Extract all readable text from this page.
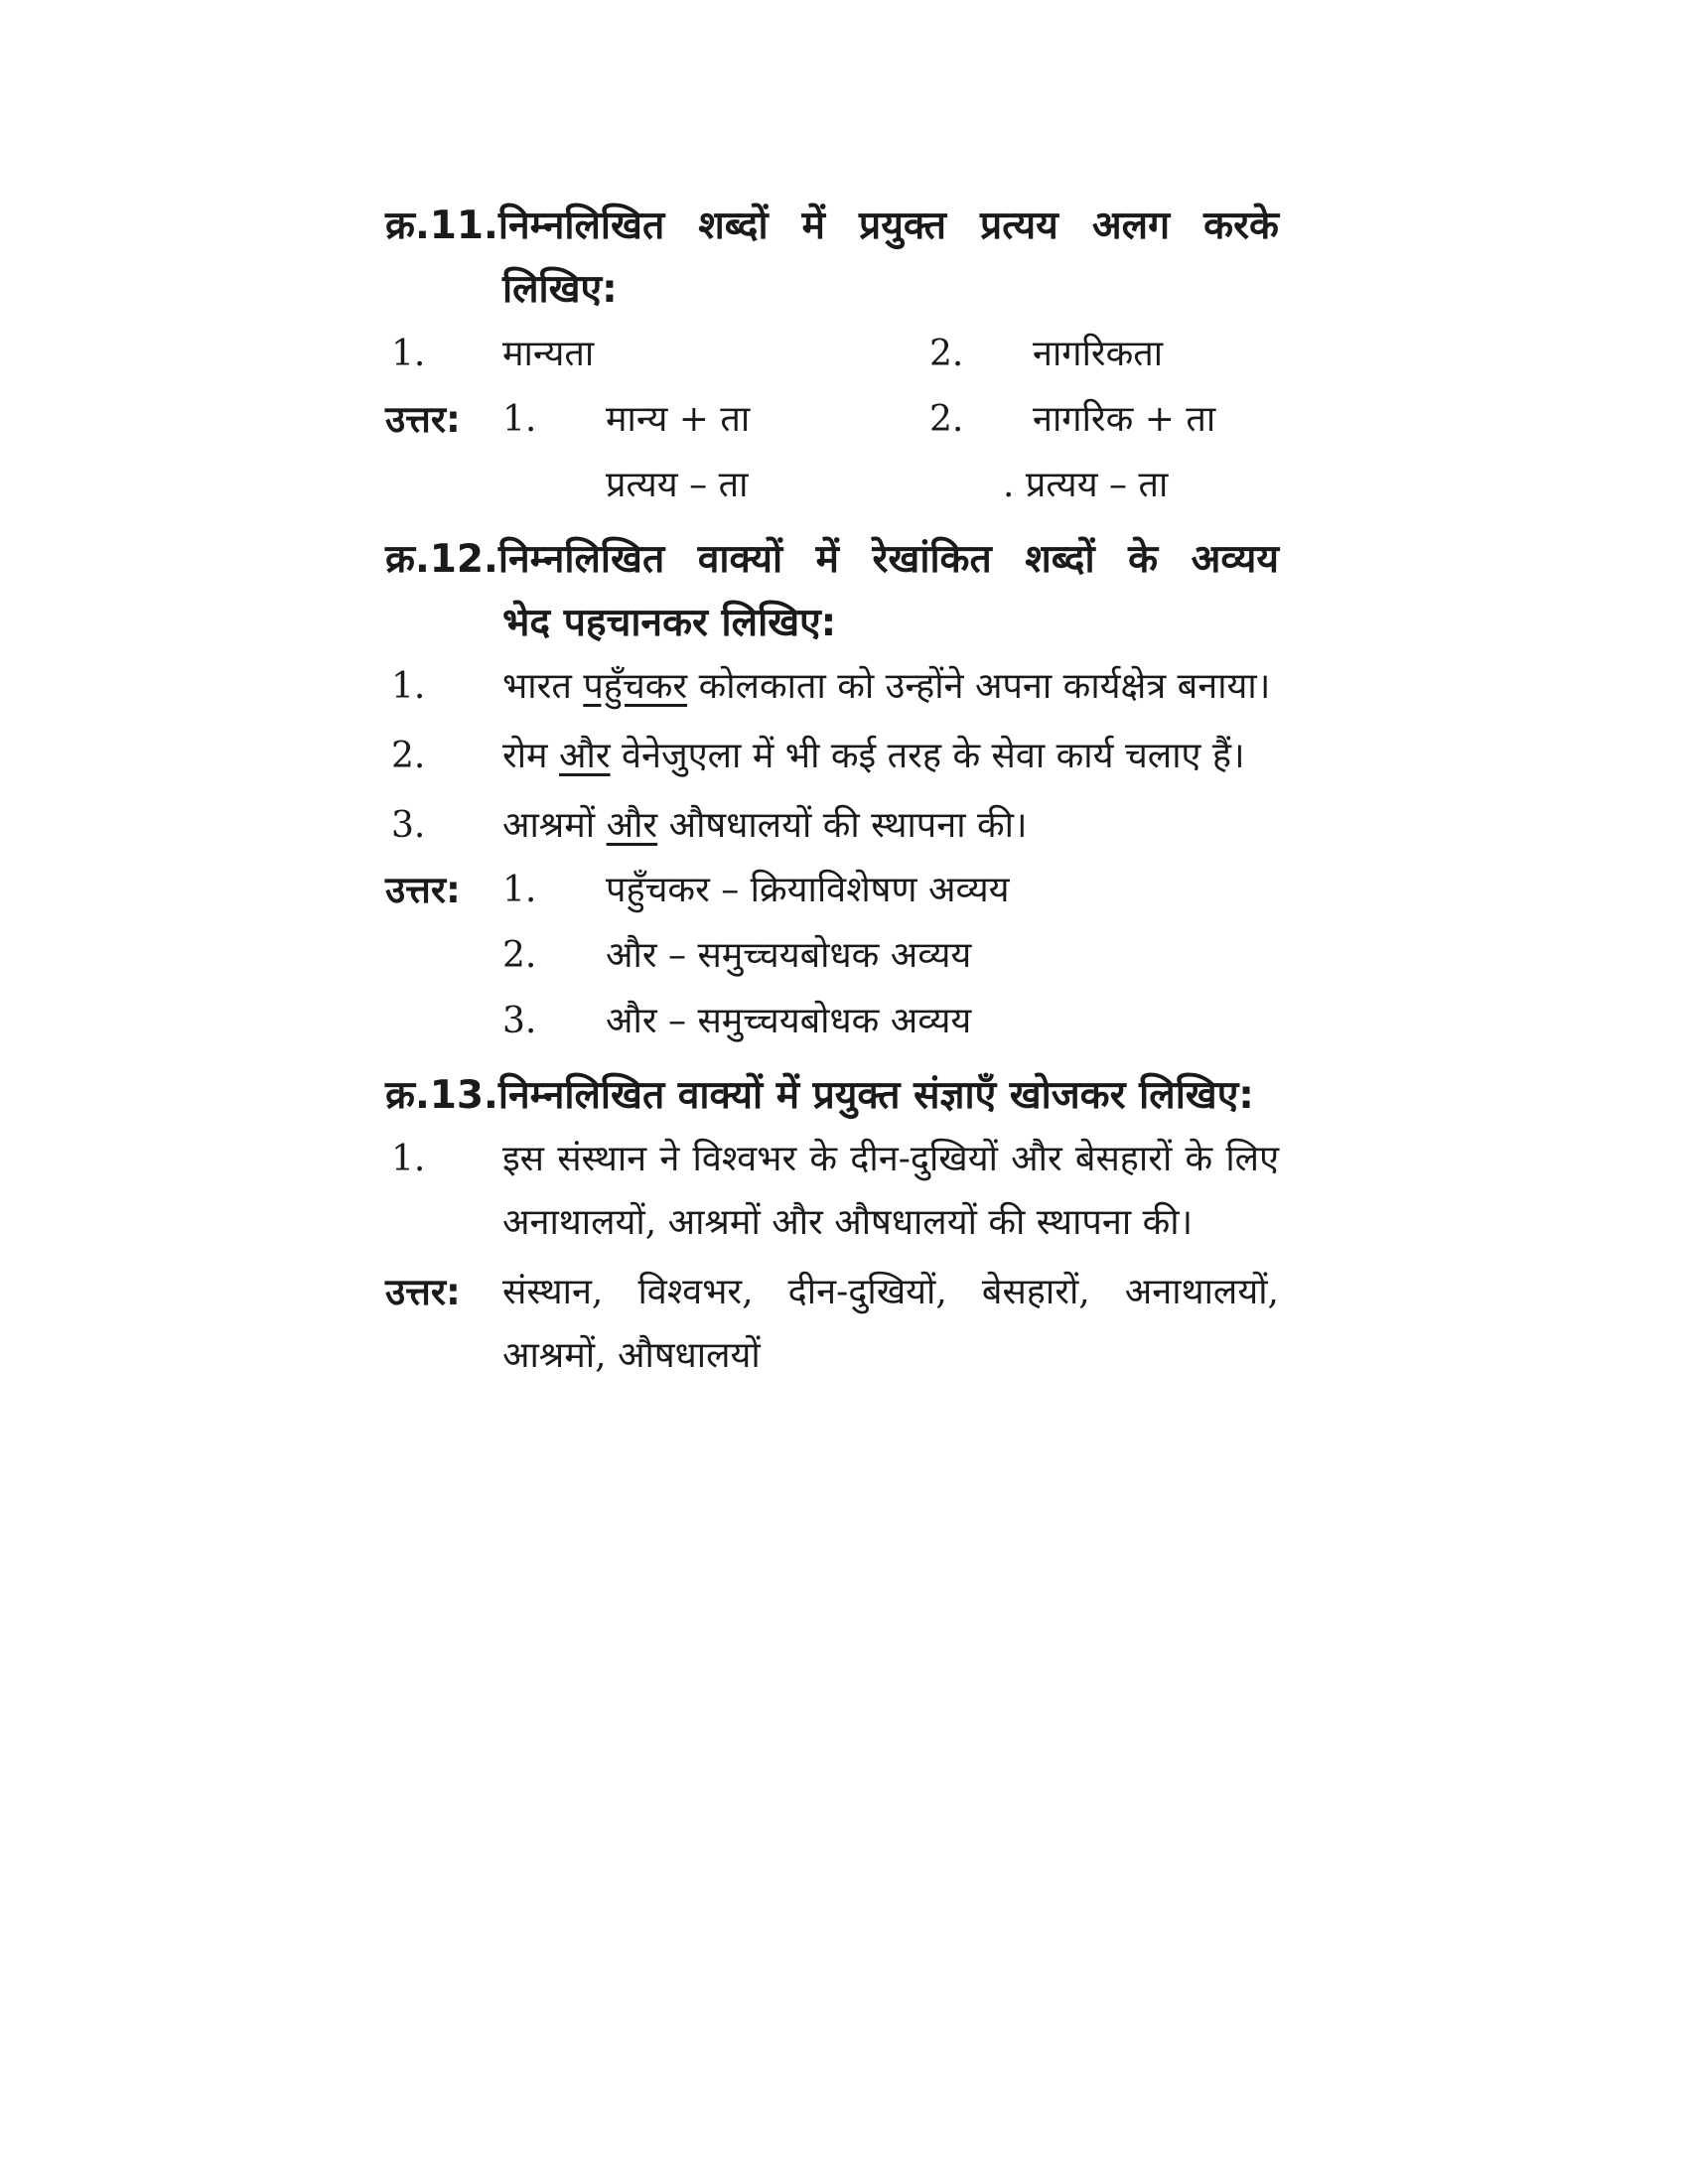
क्र.11.निम्नलिखित शब्दों में प्रयुक्त प्रत्यय अलग करके
लिखिए:
1. मान्यता	2. नागरिकता
उत्तर: 1. मान्य + ता	2. नागरिक + ता
प्रत्यय – ता	. प्रत्यय – ता
क्र.12.निम्नलिखित वाक्यों में रेखांकित शब्दों के अव्यय
भेद पहचानकर लिखिए:
1. भारत पहुँचकर कोलकाता को उन्होंने अपना कार्यक्षेत्र बनाया।
2. रोम और वेनेजुएला में भी कई तरह के सेवा कार्य चलाए हैं।
3. आश्रमों और औषधालयों की स्थापना की।
उत्तर: 1. पहुँचकर – क्रियाविशेषण अव्यय
2. और – समुच्चयबोधक अव्यय
3. और – समुच्चयबोधक अव्यय
क्र.13.निम्नलिखित वाक्यों में प्रयुक्त संज्ञाएँ खोजकर लिखिए:
1. इस संस्थान ने विश्वभर के दीन-दुखियों और बेसहारों के लिए अनाथालयों, आश्रमों और औषधालयों की स्थापना की।
उत्तर: संस्थान, विश्वभर, दीन-दुखियों, बेसहारों, अनाथालयों,
आश्रमों, औषधालयों
